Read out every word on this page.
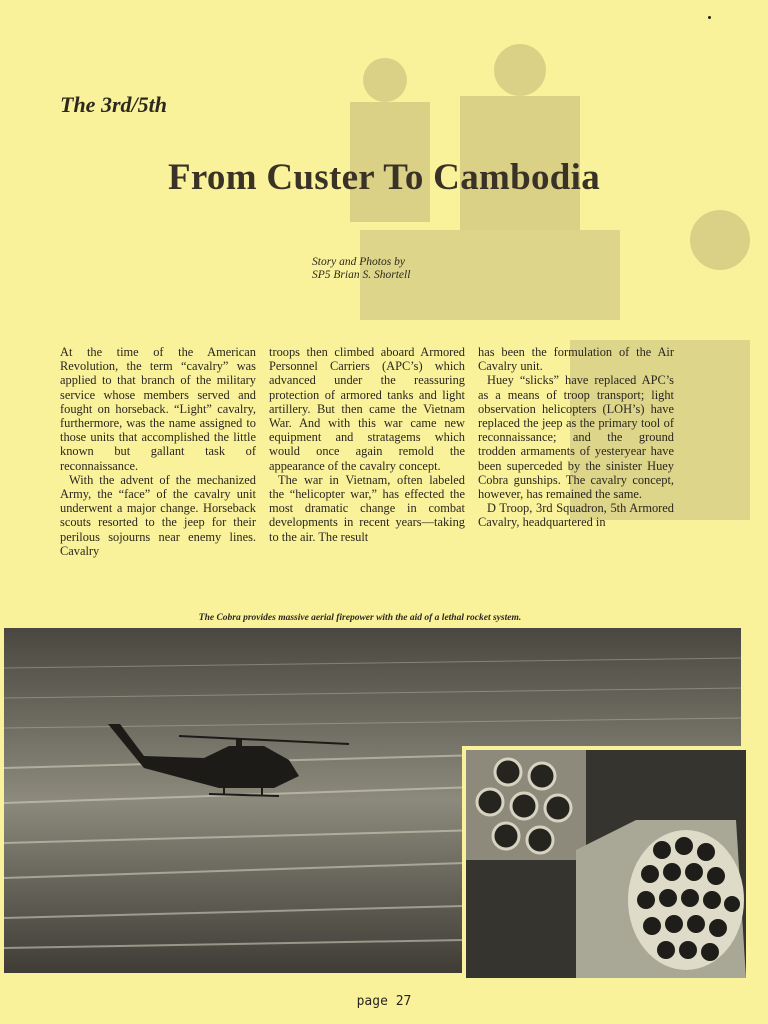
The 3rd/5th
From Custer To Cambodia
Story and Photos by
SP5 Brian S. Shortell

At the time of the American Revolution, the term “cavalry” was applied to that branch of the military service whose members served and fought on horseback. “Light” cavalry, furthermore, was the name assigned to those units that accomplished the little known but gallant task of reconnaissance.

With the advent of the mechanized Army, the “face” of the cavalry unit underwent a major change. Horseback scouts resorted to the jeep for their perilous sojourns near enemy lines. Cavalry

troops then climbed aboard Armored Personnel Carriers (APC’s) which advanced under the reassuring protection of armored tanks and light artillery. But then came the Vietnam War. And with this war came new equipment and stratagems which would once again remold the appearance of the cavalry concept.

The war in Vietnam, often labeled the “helicopter war,” has effected the most dramatic change in combat developments in recent years—taking to the air. The result

has been the formulation of the Air Cavalry unit.

Huey “slicks” have replaced APC’s as a means of troop transport; light observation helicopters (LOH’s) have replaced the jeep as the primary tool of reconnaissance; and the ground trodden armaments of yesteryear have been superceded by the sinister Huey Cobra gunships. The cavalry concept, however, has remained the same.

D Troop, 3rd Squadron, 5th Armored Cavalry, headquartered in

The Cobra provides massive aerial firepower with the aid of a lethal rocket system.
page 27
